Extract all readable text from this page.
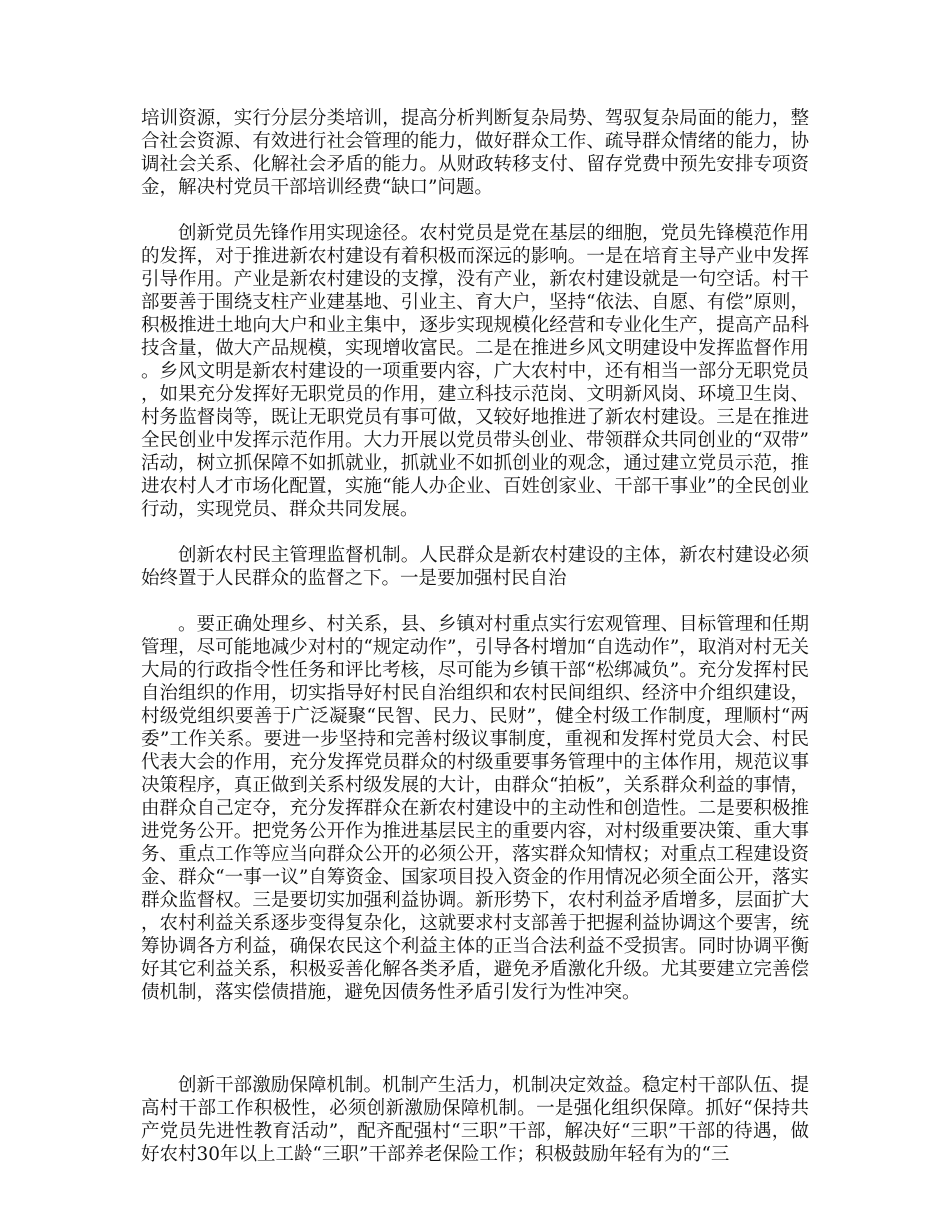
培训资源，实行分层分类培训，提高分析判断复杂局势、驾驭复杂局面的能力，整合社会资源、有效进行社会管理的能力，做好群众工作、疏导群众情绪的能力，协调社会关系、化解社会矛盾的能力。从财政转移支付、留存党费中预先安排专项资金，解决村党员干部培训经费“缺口”问题。

创新党员先锋作用实现途径。农村党员是党在基层的细胞，党员先锋模范作用的发挥，对于推进新农村建设有着积极而深远的影响。一是在培育主导产业中发挥引导作用。产业是新农村建设的支撑，没有产业，新农村建设就是一句空话。村干部要善于围绕支柱产业建基地、引业主、育大户，坚持“依法、自愿、有偿”原则，积极推进土地向大户和业主集中，逐步实现规模化经营和专业化生产，提高产品科技含量，做大产品规模，实现增收富民。二是在推进乡风文明建设中发挥监督作用。乡风文明是新农村建设的一项重要内容，广大农村中，还有相当一部分无职党员，如果充分发挥好无职党员的作用，建立科技示范岗、文明新风岗、环境卫生岗、村务监督岗等，既让无职党员有事可做，又较好地推进了新农村建设。三是在推进全民创业中发挥示范作用。大力开展以党员带头创业、带领群众共同创业的“双带”活动，树立抓保障不如抓就业，抓就业不如抓创业的观念，通过建立党员示范，推进农村人才市场化配置，实施“能人办企业、百姓创家业、干部干事业”的全民创业行动，实现党员、群众共同发展。

创新农村民主管理监督机制。人民群众是新农村建设的主体，新农村建设必须始终置于人民群众的监督之下。一是要加强村民自治

。要正确处理乡、村关系，县、乡镇对村重点实行宏观管理、目标管理和任期管理，尽可能地减少对村的“规定动作”，引导各村增加“自选动作”，取消对村无关大局的行政指令性任务和评比考核，尽可能为乡镇干部“松绑减负”。充分发挥村民自治组织的作用，切实指导好村民自治组织和农村民间组织、经济中介组织建设，村级党组织要善于广泛凝聚“民智、民力、民财”，健全村级工作制度，理顺村“两委”工作关系。要进一步坚持和完善村级议事制度，重视和发挥村党员大会、村民代表大会的作用，充分发挥党员群众的村级重要事务管理中的主体作用，规范议事决策程序，真正做到关系村级发展的大计，由群众“拍板”，关系群众利益的事情，由群众自己定夺，充分发挥群众在新农村建设中的主动性和创造性。二是要积极推进党务公开。把党务公开作为推进基层民主的重要内容，对村级重要决策、重大事务、重点工作等应当向群众公开的必须公开，落实群众知情权；对重点工程建设资金、群众“一事一议”自筹资金、国家项目投入资金的作用情况必须全面公开，落实群众监督权。三是要切实加强利益协调。新形势下，农村利益矛盾增多，层面扩大，农村利益关系逐步变得复杂化，这就要求村支部善于把握利益协调这个要害，统筹协调各方利益，确保农民这个利益主体的正当合法利益不受损害。同时协调平衡好其它利益关系，积极妥善化解各类矛盾，避免矛盾激化升级。尤其要建立完善偿债机制，落实偿债措施，避免因债务性矛盾引发行为性冲突。

创新干部激励保障机制。机制产生活力，机制决定效益。稳定村干部队伍、提高村干部工作积极性，必须创新激励保障机制。一是强化组织保障。抓好“保持共产党员先进性教育活动”，配齐配强村“三职”干部，解决好“三职”干部的待遇，做好农村30年以上工龄“三职”干部养老保险工作；积极鼓励年轻有为的“三
